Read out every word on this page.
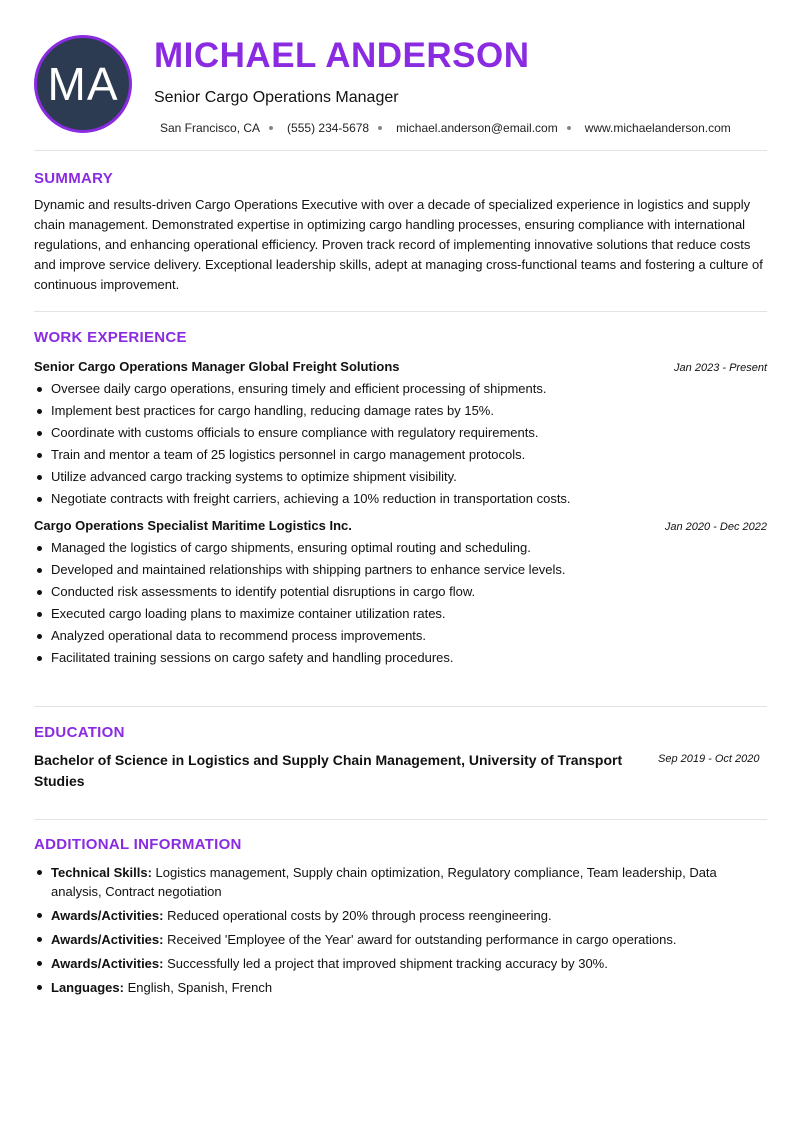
MA
MICHAEL ANDERSON
Senior Cargo Operations Manager
San Francisco, CA (555) 234-5678 michael.anderson@email.com www.michaelanderson.com
SUMMARY

Dynamic and results-driven Cargo Operations Executive with over a decade of specialized experience in logistics and supply chain management. Demonstrated expertise in optimizing cargo handling processes, ensuring compliance with international regulations, and enhancing operational efficiency. Proven track record of implementing innovative solutions that reduce costs and improve service delivery. Exceptional leadership skills, adept at managing cross-functional teams and fostering a culture of continuous improvement.

WORK EXPERIENCE
Senior Cargo Operations Manager Global Freight Solutions	Jan 2023 - Present
Oversee daily cargo operations, ensuring timely and efficient processing of shipments.
Implement best practices for cargo handling, reducing damage rates by 15%.
Coordinate with customs officials to ensure compliance with regulatory requirements.
Train and mentor a team of 25 logistics personnel in cargo management protocols.
Utilize advanced cargo tracking systems to optimize shipment visibility.
Negotiate contracts with freight carriers, achieving a 10% reduction in transportation costs.
Cargo Operations Specialist Maritime Logistics Inc.	Jan 2020 - Dec 2022
Managed the logistics of cargo shipments, ensuring optimal routing and scheduling.
Developed and maintained relationships with shipping partners to enhance service levels.
Conducted risk assessments to identify potential disruptions in cargo flow.
Executed cargo loading plans to maximize container utilization rates.
Analyzed operational data to recommend process improvements.
Facilitated training sessions on cargo safety and handling procedures.
EDUCATION
Bachelor of Science in Logistics and Supply Chain Management, University of Transport Studies
Sep 2019 - Oct 2020
ADDITIONAL INFORMATION
Technical Skills: Logistics management, Supply chain optimization, Regulatory compliance, Team leadership, Data analysis, Contract negotiation
Awards/Activities: Reduced operational costs by 20% through process reengineering.
Awards/Activities: Received 'Employee of the Year' award for outstanding performance in cargo operations.
Awards/Activities: Successfully led a project that improved shipment tracking accuracy by 30%.
Languages: English, Spanish, French
